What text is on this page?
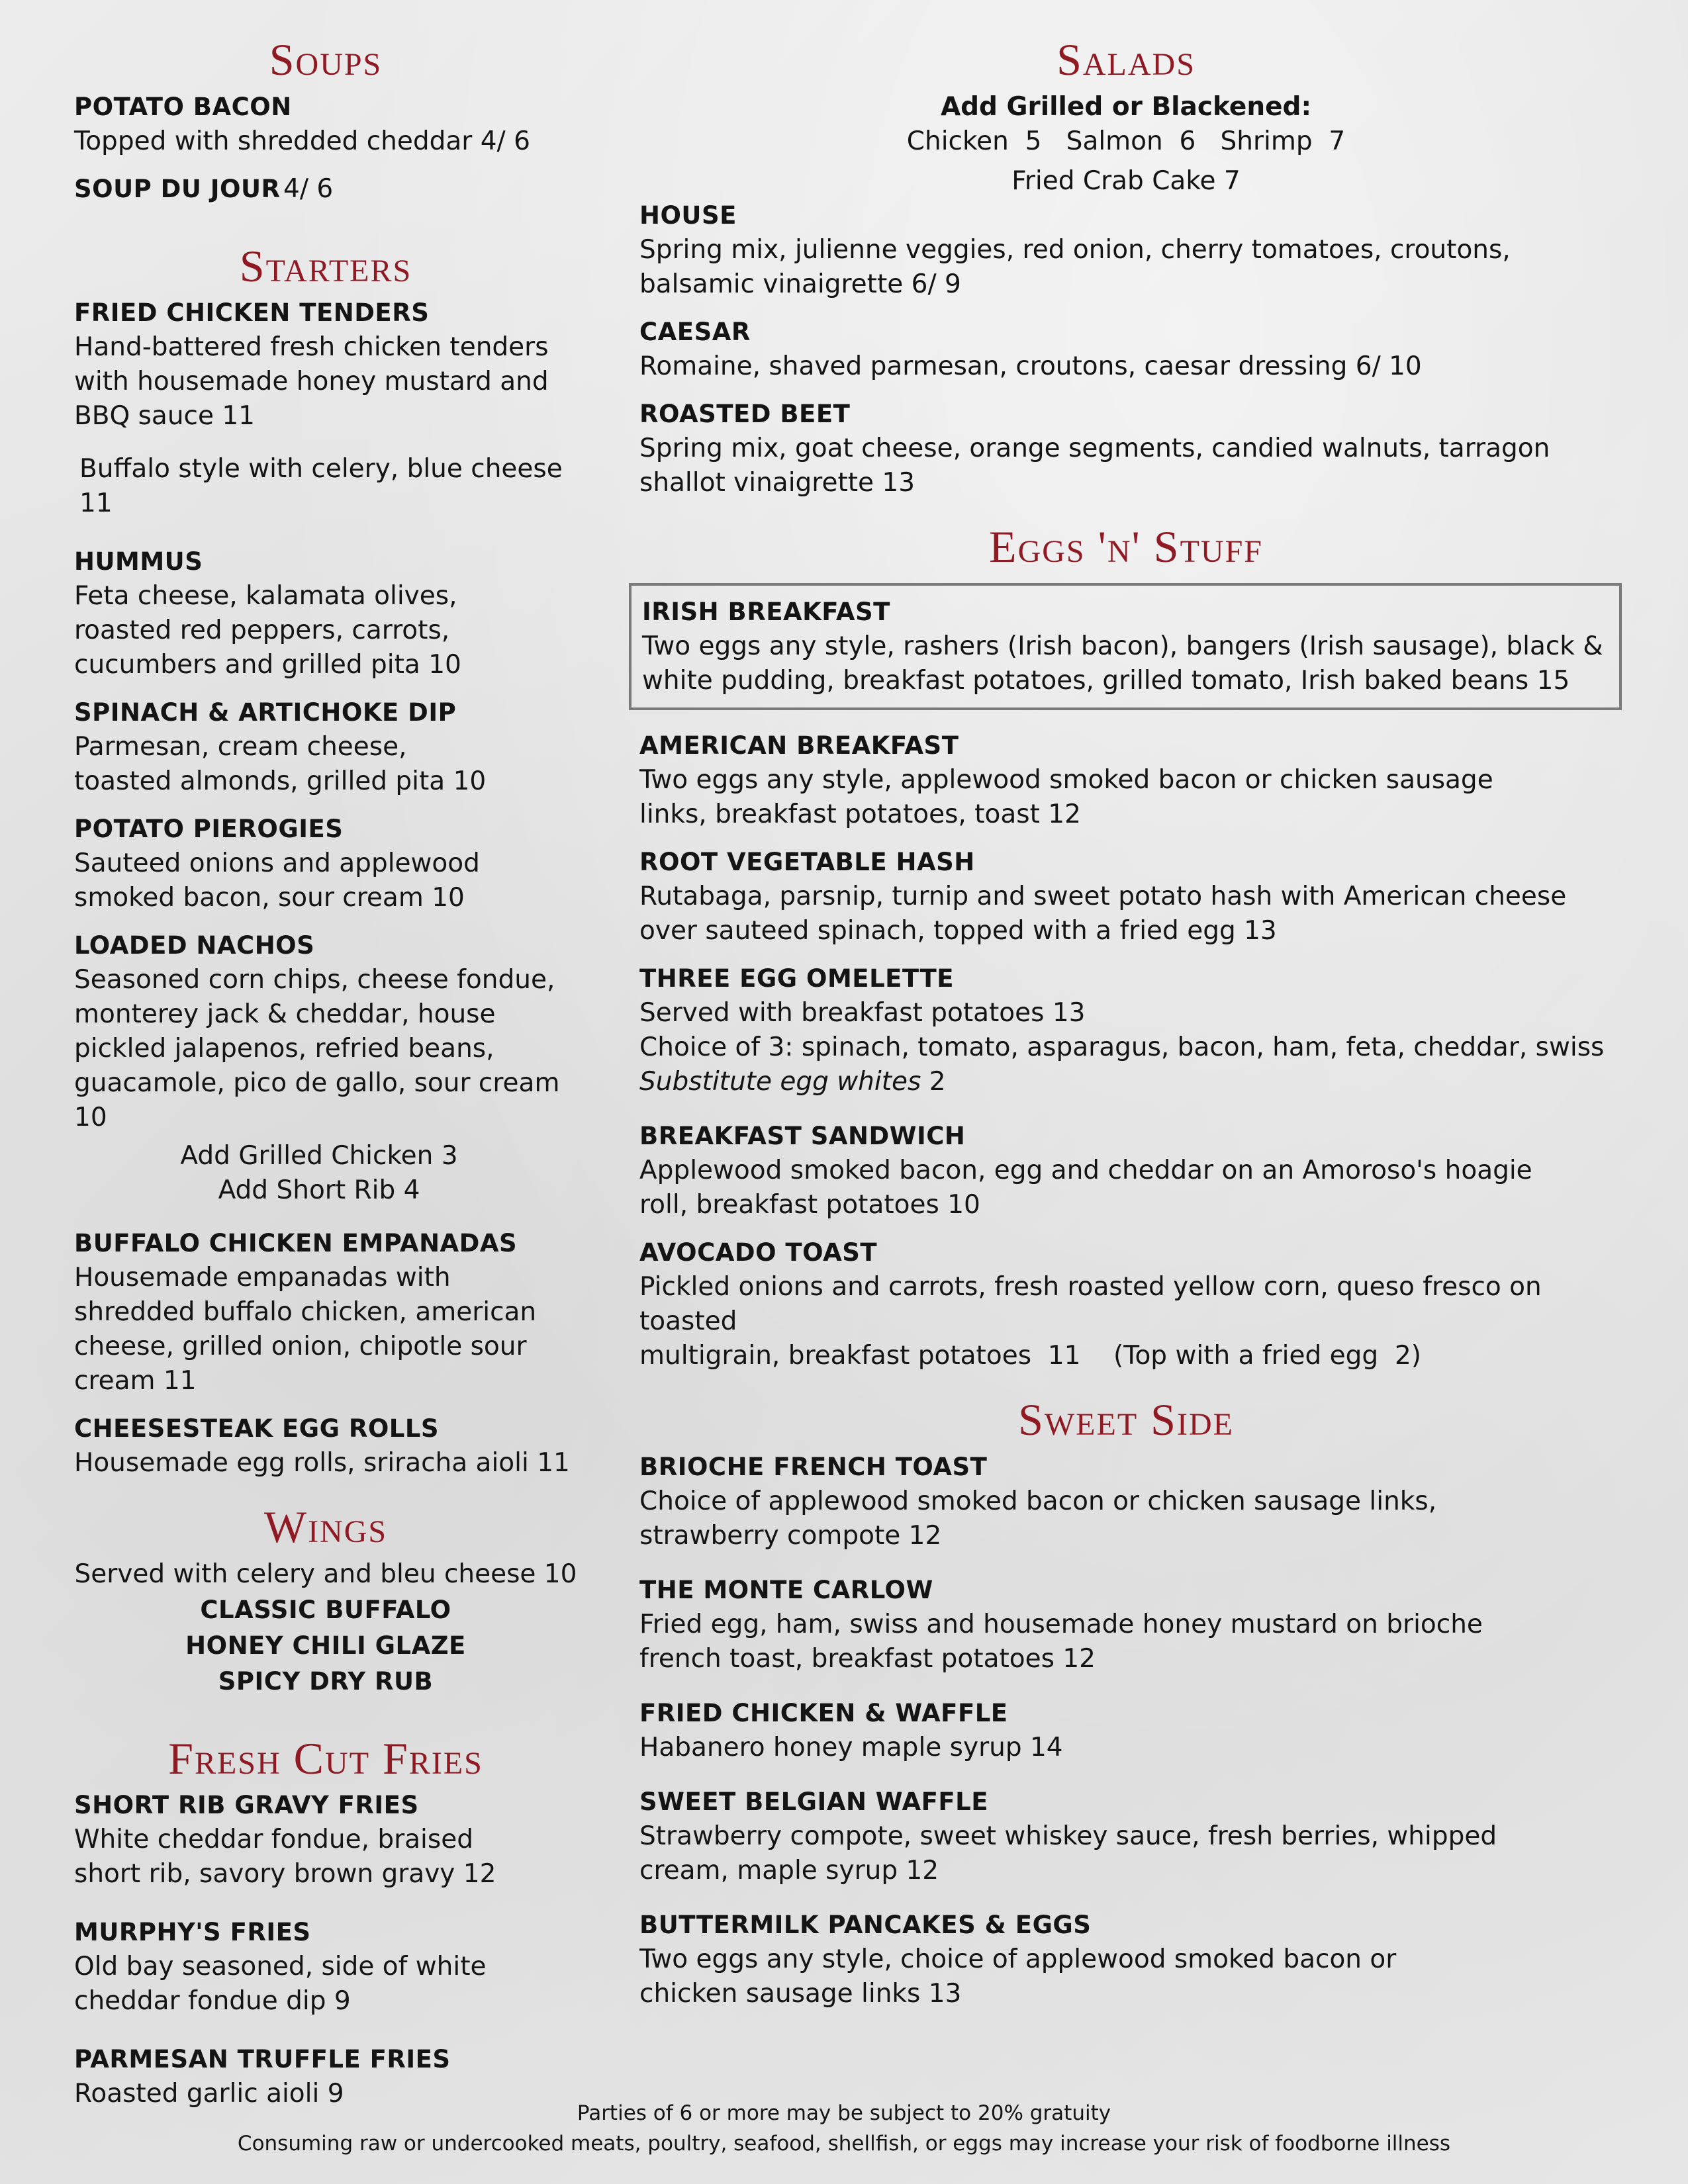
Soups
POTATO BACON
Topped with shredded cheddar 4/ 6
SOUP DU JOUR 4/ 6
Starters
FRIED CHICKEN TENDERS
Hand-battered fresh chicken tenders with housemade honey mustard and BBQ sauce 11
Buffalo style with celery, blue cheese 11
HUMMUS
Feta cheese, kalamata olives, roasted red peppers, carrots, cucumbers and grilled pita 10
SPINACH & ARTICHOKE DIP
Parmesan, cream cheese, toasted almonds, grilled pita 10
POTATO PIEROGIES
Sauteed onions and applewood smoked bacon, sour cream 10
LOADED NACHOS
Seasoned corn chips, cheese fondue, monterey jack & cheddar, house pickled jalapenos, refried beans, guacamole, pico de gallo, sour cream 10
Add Grilled Chicken 3
Add Short Rib 4
BUFFALO CHICKEN EMPANADAS
Housemade empanadas with shredded buffalo chicken, american cheese, grilled onion, chipotle sour cream 11
CHEESESTEAK EGG ROLLS
Housemade egg rolls, sriracha aioli 11
Wings
Served with celery and bleu cheese 10
CLASSIC BUFFALO
HONEY CHILI GLAZE
SPICY DRY RUB
Fresh Cut Fries
SHORT RIB GRAVY FRIES
White cheddar fondue, braised short rib, savory brown gravy 12
MURPHY'S FRIES
Old bay seasoned, side of white cheddar fondue dip 9
PARMESAN TRUFFLE FRIES
Roasted garlic aioli 9
Salads
Add Grilled or Blackened:
Chicken  5   Salmon  6   Shrimp  7
Fried Crab Cake 7
HOUSE
Spring mix, julienne veggies, red onion, cherry tomatoes, croutons, balsamic vinaigrette 6/ 9
CAESAR
Romaine, shaved parmesan, croutons, caesar dressing 6/ 10
ROASTED BEET
Spring mix, goat cheese, orange segments, candied walnuts, tarragon shallot vinaigrette 13
Eggs 'n' Stuff
IRISH BREAKFAST
Two eggs any style, rashers (Irish bacon), bangers (Irish sausage), black & white pudding, breakfast potatoes, grilled tomato, Irish baked beans 15
AMERICAN BREAKFAST
Two eggs any style, applewood smoked bacon or chicken sausage links, breakfast potatoes, toast 12
ROOT VEGETABLE HASH
Rutabaga, parsnip, turnip and sweet potato hash with American cheese
over sauteed spinach, topped with a fried egg 13
THREE EGG OMELETTE
Served with breakfast potatoes 13
Choice of 3: spinach, tomato, asparagus, bacon, ham, feta, cheddar, swiss
Substitute egg whites 2
BREAKFAST SANDWICH
Applewood smoked bacon, egg and cheddar on an Amoroso's hoagie roll, breakfast potatoes 10
AVOCADO TOAST
Pickled onions and carrots, fresh roasted yellow corn, queso fresco on toasted
multigrain, breakfast potatoes  11    (Top with a fried egg  2)
Sweet Side
BRIOCHE FRENCH TOAST
Choice of applewood smoked bacon or chicken sausage links,
strawberry compote 12
THE MONTE CARLOW
Fried egg, ham, swiss and housemade honey mustard on brioche
french toast, breakfast potatoes 12
FRIED CHICKEN & WAFFLE
Habanero honey maple syrup 14
SWEET BELGIAN WAFFLE
Strawberry compote, sweet whiskey sauce, fresh berries, whipped
cream, maple syrup 12
BUTTERMILK PANCAKES & EGGS
Two eggs any style, choice of applewood smoked bacon or
chicken sausage links 13
Parties of 6 or more may be subject to 20% gratuity
Consuming raw or undercooked meats, poultry, seafood, shellfish, or eggs may increase your risk of foodborne illness
